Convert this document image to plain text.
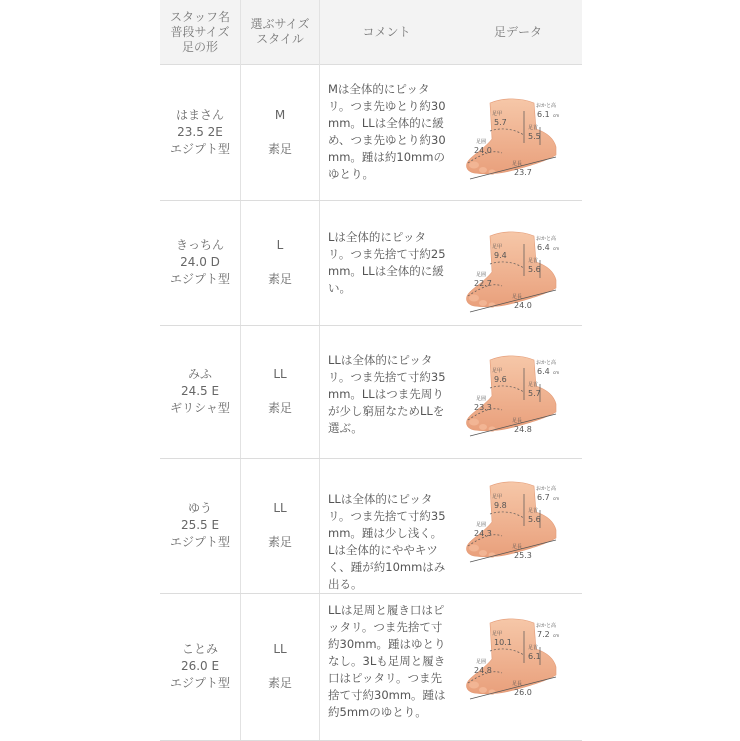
スタッフ名
普段サイズ
足の形
選ぶサイズ
スタイル
コメント	足データ
はまさん
23.5 2E
エジプト型
M
素足
Mは全体的にピッタリ。つま先ゆとり約30mm。LLは全体的に緩め、つま先ゆとり約30mm。踵は約10mmのゆとり。
おかと高
6.1
足甲
5.7
足首
5.5
足囲
24.0
足長
23.7
cm
きっちん
24.0 D
エジプト型
L
素足
Lは全体的にピッタリ。つま先捨て寸約25mm。LLは全体的に緩い。
おかと高
6.4
足甲
9.4
足首
5.6
足囲
22.7
足長
24.0
cm
みふ
24.5 E
ギリシャ型
LL
素足
LLは全体的にピッタリ。つま先捨て寸約35mm。LLはつま先周りが少し窮屈なためLLを選ぶ。
おかと高
6.4
足甲
9.6
足首
5.7
足囲
23.3
足長
24.8
cm
ゆう
25.5 E
エジプト型
LL
素足
LLは全体的にピッタリ。つま先捨て寸約35mm。踵は少し浅く。Lは全体的にややキツく、踵が約10mmはみ出る。
おかと高
6.7
足甲
9.8
足首
5.6
足囲
24.3
足長
25.3
cm
ことみ
26.0 E
エジプト型
LL
素足
LLは足周と履き口はピッタリ。つま先捨て寸約30mm。踵はゆとりなし。3Lも足周と履き口はピッタリ。つま先捨て寸約30mm。踵は約5mmのゆとり。
おかと高
7.2
足甲
10.1
足首
6.1
足囲
24.8
足長
26.0
cm
